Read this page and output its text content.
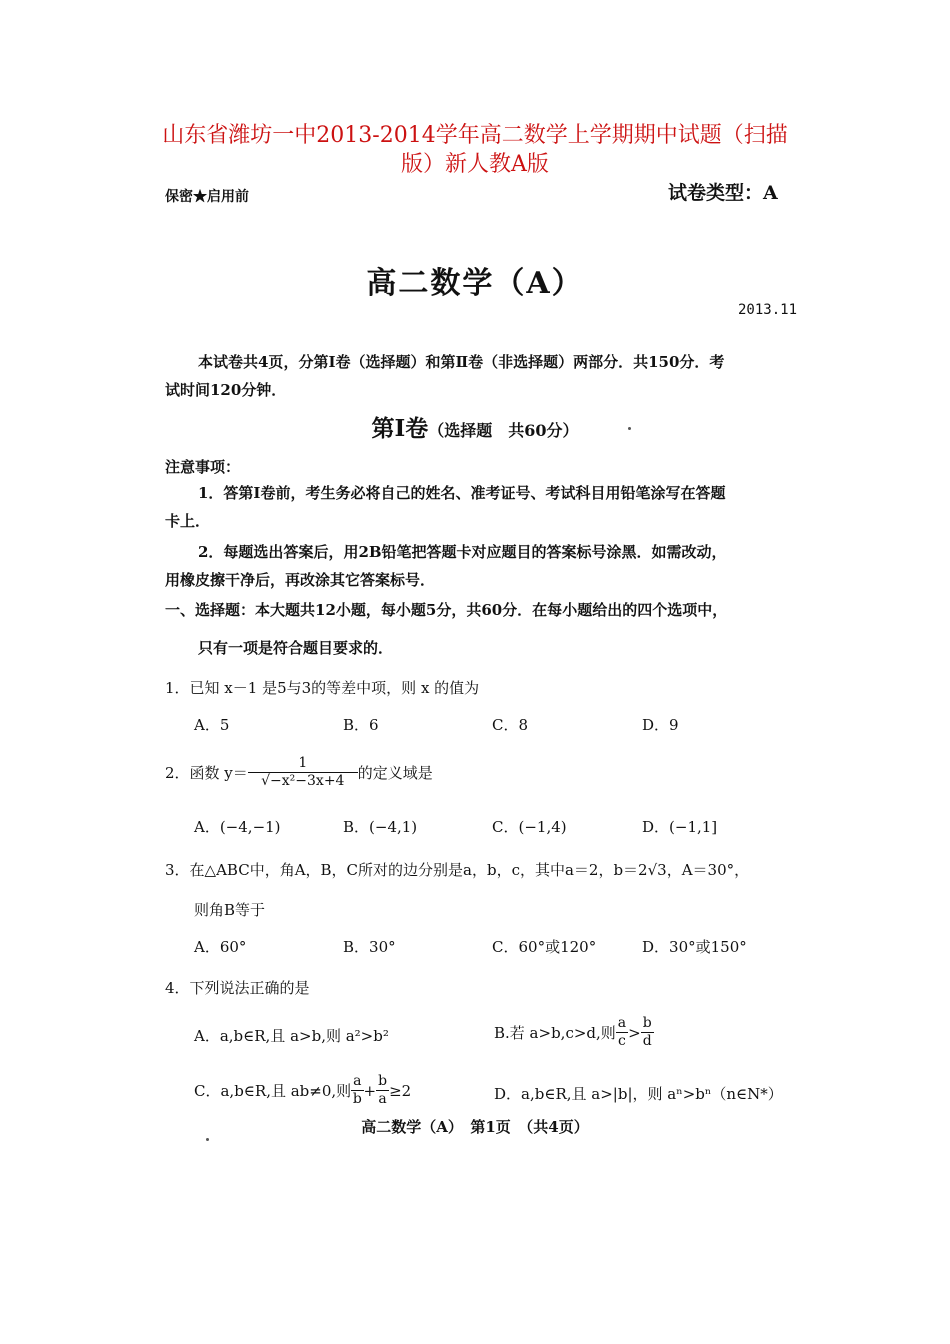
山东省潍坊一中2013-2014学年高二数学上学期期中试题（扫描
版）新人教A版
保密★启用前	试卷类型：A
高二数学（A）
2013.11
本试卷共4页，分第Ⅰ卷（选择题）和第Ⅱ卷（非选择题）两部分．共150分．考
试时间120分钟．
第Ⅰ卷（选择题　共60分）
注意事项：
1．答第Ⅰ卷前，考生务必将自己的姓名、准考证号、考试科目用铅笔涂写在答题
卡上．
2．每题选出答案后，用2B铅笔把答题卡对应题目的答案标号涂黑．如需改动，
用橡皮擦干净后，再改涂其它答案标号．
一、选择题：本大题共12小题，每小题5分，共60分．在每小题给出的四个选项中，
只有一项是符合题目要求的．
1．已知 x－1 是5与3的等差中项，则 x 的值为
A．5	B．6	C．8	D．9
2．函数 $y= \frac{1}{\text{√−x²−3x+4}}$ 的定义域是
A．(−4,−1)	B．(−4,1)	C．(−1,4)	D．(−1,1]
3．在△ABC中，角A，B，C所对的边分别是a，b，c，其中a＝2，b＝2√3，A＝30°，
则角B等于
A．60°	B．30°	C．60°或120°	D．30°或150°
4．下列说法正确的是
A．a,b∈R,且 a>b,则 a²>b²	B.若 a>b,c>d,则 $\frac{a}{c} > \frac{b}{d}$
C．a,b∈R,且 ab≠0,则 $\frac{a}{b} + \frac{b}{a} \ge 2$	D．a,b∈R,且 a>|b|，则 aⁿ>bⁿ（n∈N*）
高二数学（A）　第1页　（共4页）
